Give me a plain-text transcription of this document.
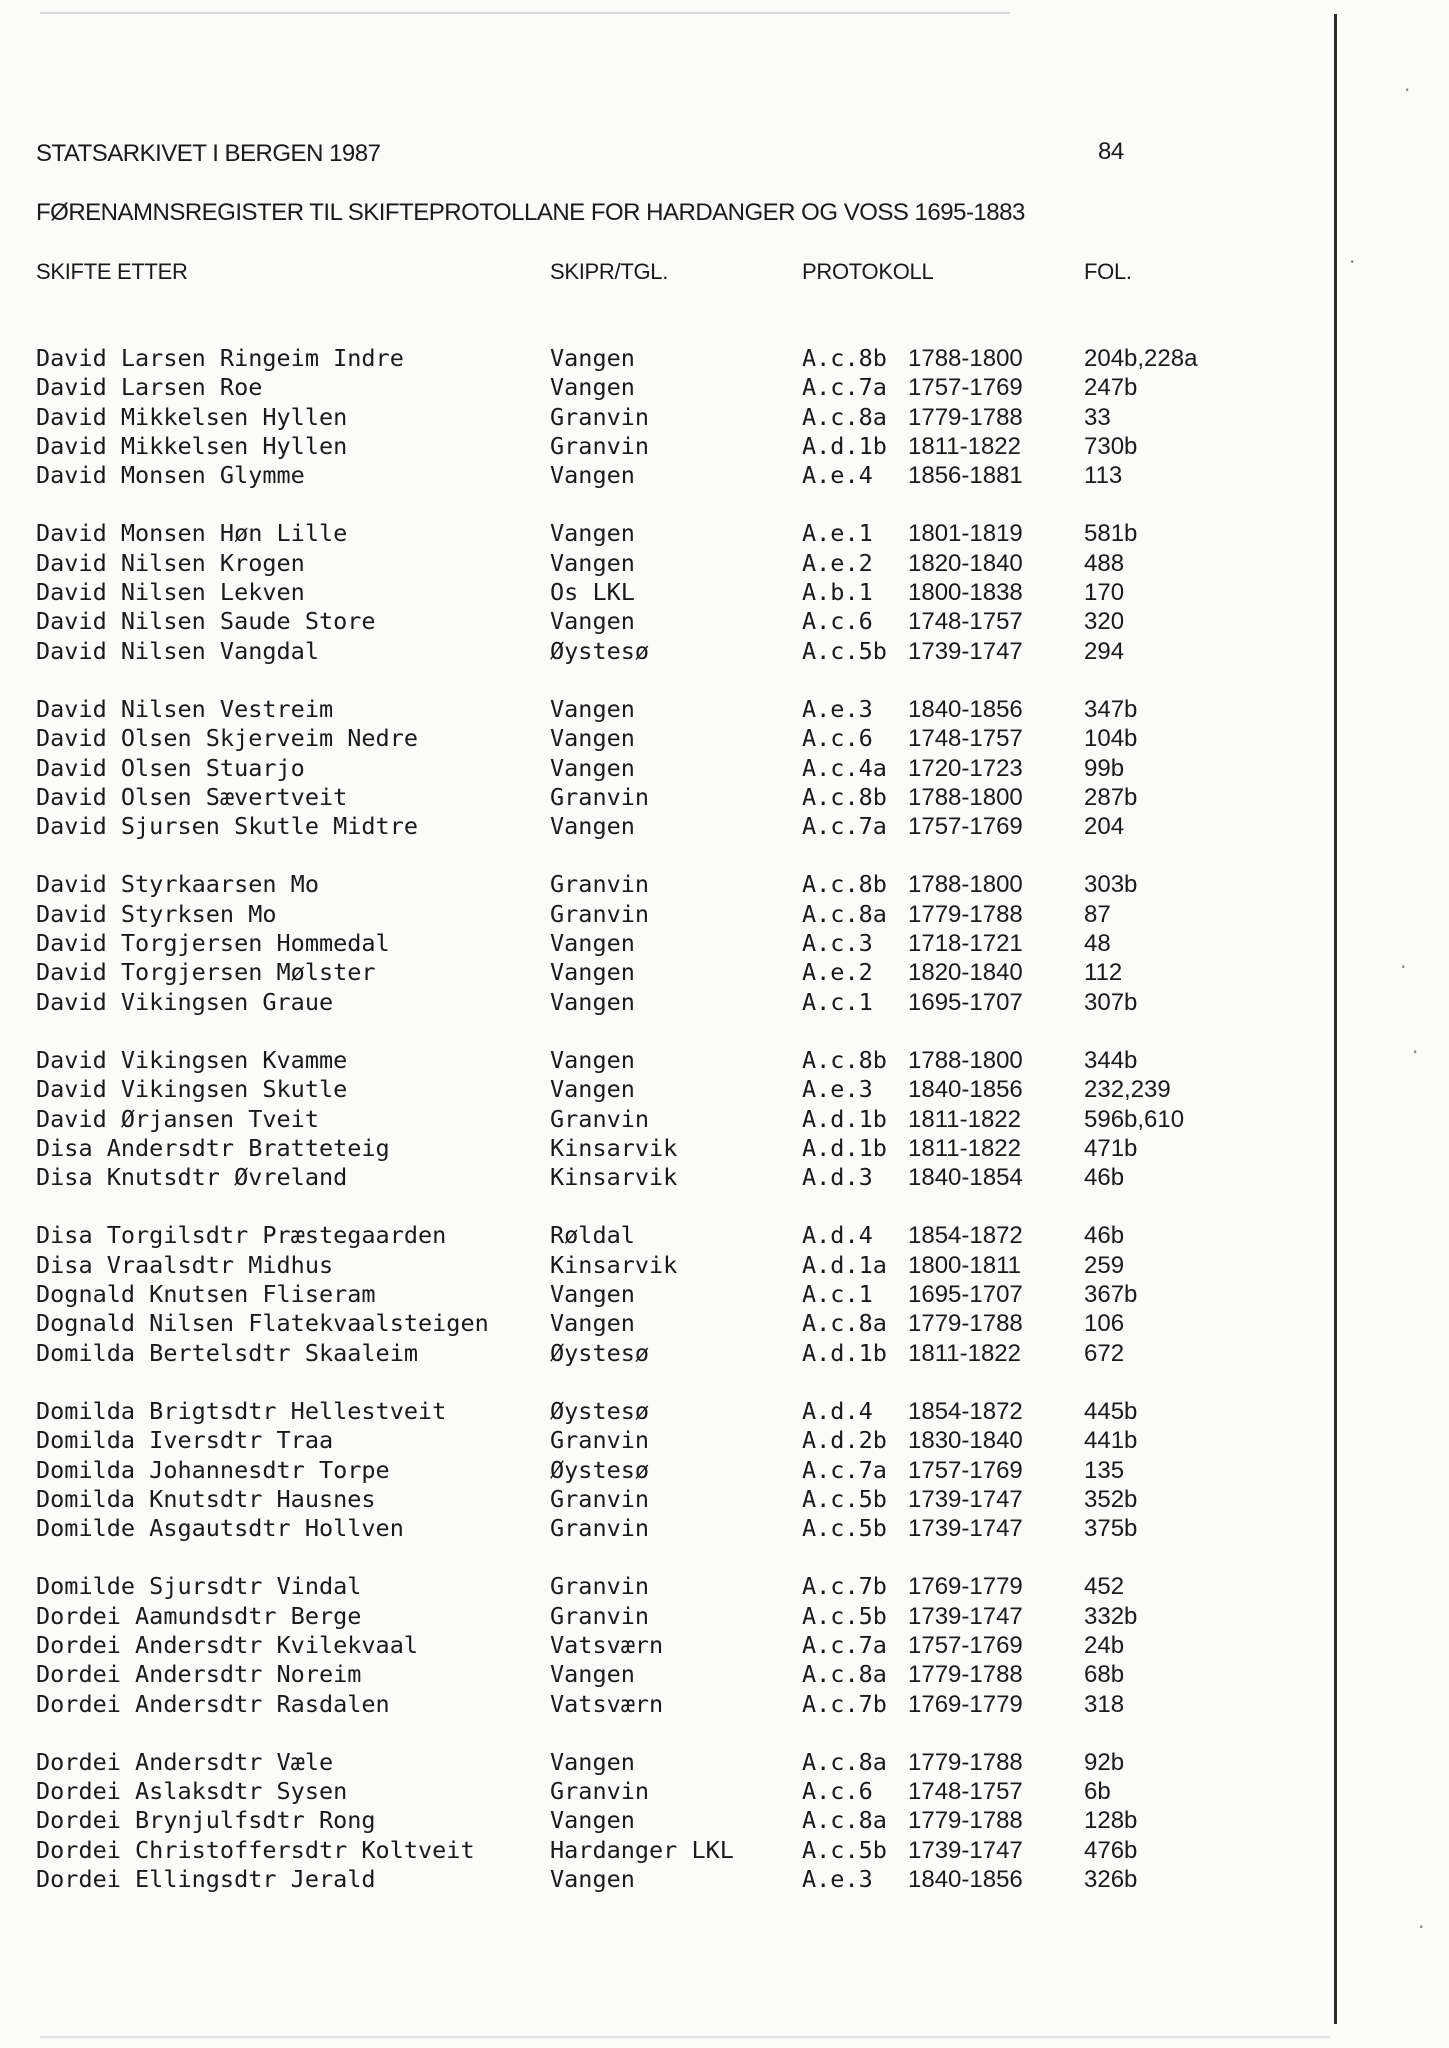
STATSARKIVET I BERGEN 1987	84
FØRENAMNSREGISTER TIL SKIFTEPROTOLLANE FOR HARDANGER OG VOSS 1695-1883
SKIFTE ETTER	SKIPR/TGL.	PROTOKOLL	FOL.
David Larsen Ringeim Indre	Vangen	A.c.8b 1788-1800	204b,228a
David Larsen Roe	Vangen	A.c.7a 1757-1769	247b
David Mikkelsen Hyllen	Granvin	A.c.8a 1779-1788	33
David Mikkelsen Hyllen	Granvin	A.d.1b 1811-1822	730b
David Monsen Glymme	Vangen	A.e.4 1856-1881	113
David Monsen Høn Lille	Vangen	A.e.1 1801-1819	581b
David Nilsen Krogen	Vangen	A.e.2 1820-1840	488
David Nilsen Lekven	Os LKL	A.b.1 1800-1838	170
David Nilsen Saude Store	Vangen	A.c.6 1748-1757	320
David Nilsen Vangdal	Øystesø	A.c.5b 1739-1747	294
David Nilsen Vestreim	Vangen	A.e.3 1840-1856	347b
David Olsen Skjerveim Nedre	Vangen	A.c.6 1748-1757	104b
David Olsen Stuarjo	Vangen	A.c.4a 1720-1723	99b
David Olsen Sævertveit	Granvin	A.c.8b 1788-1800	287b
David Sjursen Skutle Midtre	Vangen	A.c.7a 1757-1769	204
David Styrkaarsen Mo	Granvin	A.c.8b 1788-1800	303b
David Styrksen Mo	Granvin	A.c.8a 1779-1788	87
David Torgjersen Hommedal	Vangen	A.c.3 1718-1721	48
David Torgjersen Mølster	Vangen	A.e.2 1820-1840	112
David Vikingsen Graue	Vangen	A.c.1 1695-1707	307b
David Vikingsen Kvamme	Vangen	A.c.8b 1788-1800	344b
David Vikingsen Skutle	Vangen	A.e.3 1840-1856	232,239
David Ørjansen Tveit	Granvin	A.d.1b 1811-1822	596b,610
Disa Andersdtr Bratteteig	Kinsarvik	A.d.1b 1811-1822	471b
Disa Knutsdtr Øvreland	Kinsarvik	A.d.3 1840-1854	46b
Disa Torgilsdtr Præstegaarden	Røldal	A.d.4 1854-1872	46b
Disa Vraalsdtr Midhus	Kinsarvik	A.d.1a 1800-1811	259
Dognald Knutsen Fliseram	Vangen	A.c.1 1695-1707	367b
Dognald Nilsen Flatekvaalsteigen	Vangen	A.c.8a 1779-1788	106
Domilda Bertelsdtr Skaaleim	Øystesø	A.d.1b 1811-1822	672
Domilda Brigtsdtr Hellestveit	Øystesø	A.d.4 1854-1872	445b
Domilda Iversdtr Traa	Granvin	A.d.2b 1830-1840	441b
Domilda Johannesdtr Torpe	Øystesø	A.c.7a 1757-1769	135
Domilda Knutsdtr Hausnes	Granvin	A.c.5b 1739-1747	352b
Domilde Asgautsdtr Hollven	Granvin	A.c.5b 1739-1747	375b
Domilde Sjursdtr Vindal	Granvin	A.c.7b 1769-1779	452
Dordei Aamundsdtr Berge	Granvin	A.c.5b 1739-1747	332b
Dordei Andersdtr Kvilekvaal	Vatsværn	A.c.7a 1757-1769	24b
Dordei Andersdtr Noreim	Vangen	A.c.8a 1779-1788	68b
Dordei Andersdtr Rasdalen	Vatsværn	A.c.7b 1769-1779	318
Dordei Andersdtr Væle	Vangen	A.c.8a 1779-1788	92b
Dordei Aslaksdtr Sysen	Granvin	A.c.6 1748-1757	6b
Dordei Brynjulfsdtr Rong	Vangen	A.c.8a 1779-1788	128b
Dordei Christoffersdtr Koltveit	Hardanger LKL	A.c.5b 1739-1747	476b
Dordei Ellingsdtr Jerald	Vangen	A.e.3 1840-1856	326b
·
·
·
·
·
